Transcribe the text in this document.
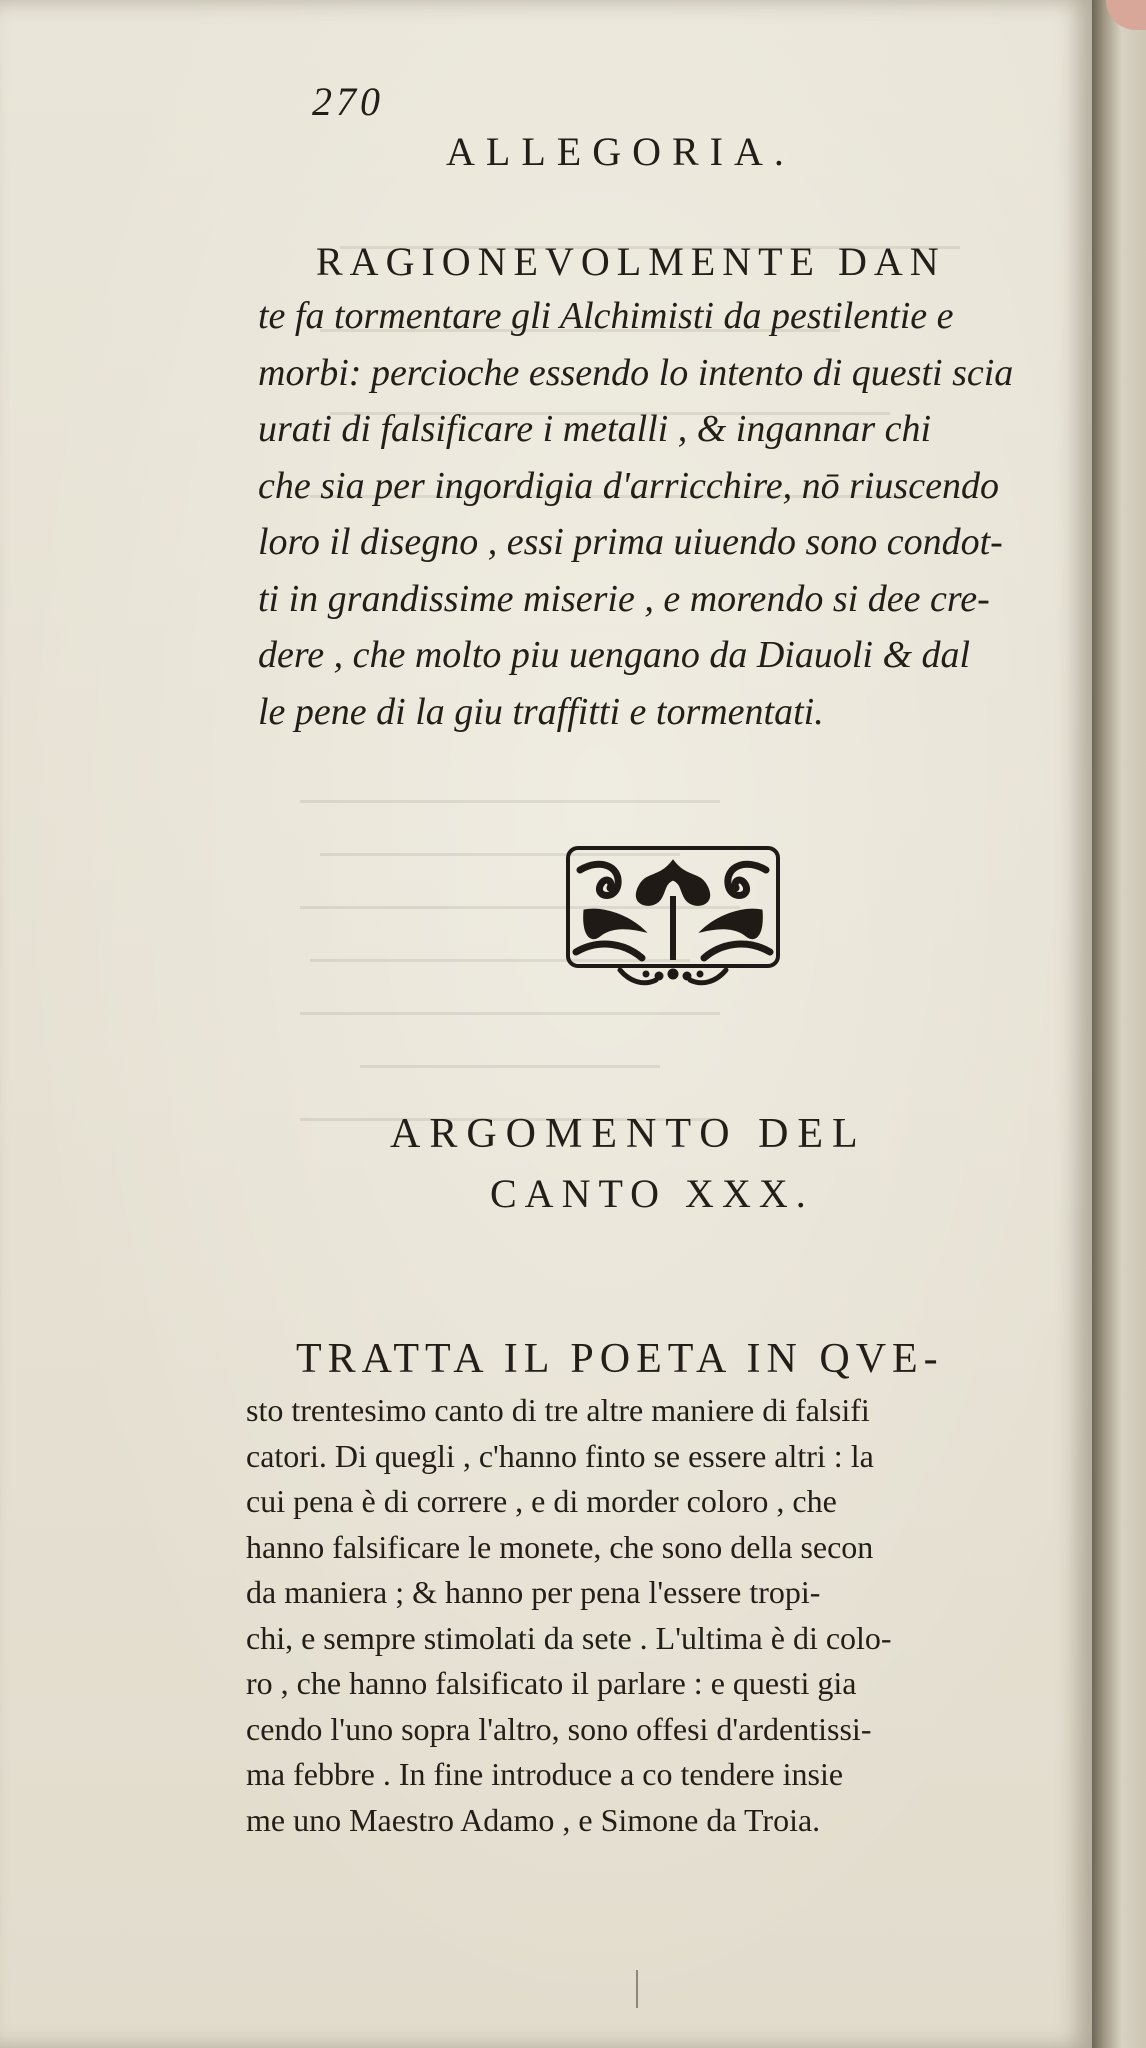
270
ALLEGORIA.
RAGIONEVOLMENTE DAN
te fa tormentare gli Alchimisti da pestilentie e
morbi: percioche essendo lo intento di questi scia
urati di falsificare i metalli , & ingannar chi
che sia per ingordigia d'arricchire, nō riuscendo
loro il disegno , essi prima uiuendo sono condot-
ti in grandissime miserie , e morendo si dee cre-
dere , che molto piu uengano da Diauoli & dal
le pene di la giu traffitti e tormentati.
ARGOMENTO DEL
CANTO XXX.
TRATTA IL POETA IN QVE-
sto trentesimo canto di tre altre maniere di falsifi
catori. Di quegli , c'hanno finto se essere altri : la
cui pena è di correre , e di morder coloro , che
hanno falsificare le monete, che sono della secon
da maniera ; & hanno per pena l'essere tropi-
chi, e sempre stimolati da sete . L'ultima è di colo-
ro , che hanno falsificato il parlare : e questi gia
cendo l'uno sopra l'altro, sono offesi d'ardentissi-
ma febbre . In fine introduce a co tendere insie
me uno Maestro Adamo , e Simone da Troia.
